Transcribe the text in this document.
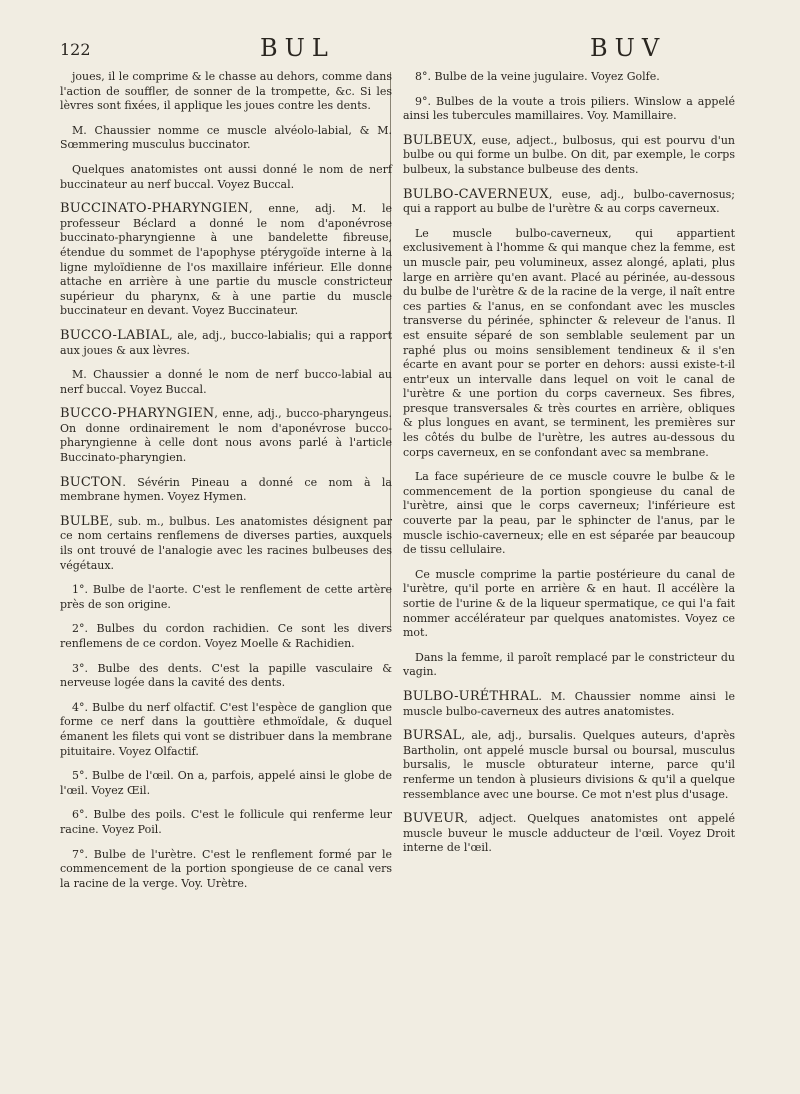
122	BUL	BUV

joues, il le comprime & le chasse au dehors, comme dans l'action de souffler, de sonner de la trompette, &c. Si les lèvres sont fixées, il applique les joues contre les dents.

M. Chaussier nomme ce muscle alvéolo-labial, & M. Sœmmering musculus buccinator.

Quelques anatomistes ont aussi donné le nom de nerf buccinateur au nerf buccal. Voyez Buccal.

BUCCINATO-PHARYNGIEN, enne, adj. M. le professeur Béclard a donné le nom d'aponévrose buccinato-pharyngienne à une bandelette fibreuse, étendue du sommet de l'apophyse ptérygoïde interne à la ligne myloïdienne de l'os maxillaire inférieur. Elle donne attache en arrière à une partie du muscle constricteur supérieur du pharynx, & à une partie du muscle buccinateur en devant. Voyez Buccinateur.

BUCCO-LABIAL, ale, adj., bucco-labialis; qui a rapport aux joues & aux lèvres.

M. Chaussier a donné le nom de nerf bucco-labial au nerf buccal. Voyez Buccal.

BUCCO-PHARYNGIEN, enne, adj., bucco-pharyngeus. On donne ordinairement le nom d'aponévrose bucco-pharyngienne à celle dont nous avons parlé à l'article Buccinato-pharyngien.

BUCTON. Sévérin Pineau a donné ce nom à la membrane hymen. Voyez Hymen.

BULBE, sub. m., bulbus. Les anatomistes désignent par ce nom certains renflemens de diverses parties, auxquels ils ont trouvé de l'analogie avec les racines bulbeuses des végétaux.

1°. Bulbe de l'aorte. C'est le renflement de cette artère près de son origine.

2°. Bulbes du cordon rachidien. Ce sont les divers renflemens de ce cordon. Voyez Moelle & Rachidien.

3°. Bulbe des dents. C'est la papille vasculaire & nerveuse logée dans la cavité des dents.

4°. Bulbe du nerf olfactif. C'est l'espèce de ganglion que forme ce nerf dans la gouttière ethmoïdale, & duquel émanent les filets qui vont se distribuer dans la membrane pituitaire. Voyez Olfactif.

5°. Bulbe de l'œil. On a, parfois, appelé ainsi le globe de l'œil. Voyez Œil.

6°. Bulbe des poils. C'est le follicule qui renferme leur racine. Voyez Poil.

7°. Bulbe de l'urètre. C'est le renflement formé par le commencement de la portion spongieuse de ce canal vers la racine de la verge. Voy. Urètre.

8°. Bulbe de la veine jugulaire. Voyez Golfe.

9°. Bulbes de la voute a trois piliers. Winslow a appelé ainsi les tubercules mamillaires. Voy. Mamillaire.

BULBEUX, euse, adject., bulbosus, qui est pourvu d'un bulbe ou qui forme un bulbe. On dit, par exemple, le corps bulbeux, la substance bulbeuse des dents.

BULBO-CAVERNEUX, euse, adj., bulbo-cavernosus; qui a rapport au bulbe de l'urètre & au corps caverneux.

Le muscle bulbo-caverneux, qui appartient exclusivement à l'homme & qui manque chez la femme, est un muscle pair, peu volumineux, assez alongé, aplati, plus large en arrière qu'en avant. Placé au périnée, au-dessous du bulbe de l'urètre & de la racine de la verge, il naît entre ces parties & l'anus, en se confondant avec les muscles transverse du périnée, sphincter & releveur de l'anus. Il est ensuite séparé de son semblable seulement par un raphé plus ou moins sensiblement tendineux & il s'en écarte en avant pour se porter en dehors: aussi existe-t-il entr'eux un intervalle dans lequel on voit le canal de l'urètre & une portion du corps caverneux. Ses fibres, presque transversales & très courtes en arrière, obliques & plus longues en avant, se terminent, les premières sur les côtés du bulbe de l'urètre, les autres au-dessous du corps caverneux, en se confondant avec sa membrane.

La face supérieure de ce muscle couvre le bulbe & le commencement de la portion spongieuse du canal de l'urètre, ainsi que le corps caverneux; l'inférieure est couverte par la peau, par le sphincter de l'anus, par le muscle ischio-caverneux; elle en est séparée par beaucoup de tissu cellulaire.

Ce muscle comprime la partie postérieure du canal de l'urètre, qu'il porte en arrière & en haut. Il accélère la sortie de l'urine & de la liqueur spermatique, ce qui l'a fait nommer accélérateur par quelques anatomistes. Voyez ce mot.

Dans la femme, il paroît remplacé par le constricteur du vagin.

BULBO-URÉTHRAL. M. Chaussier nomme ainsi le muscle bulbo-caverneux des autres anatomistes.

BURSAL, ale, adj., bursalis. Quelques auteurs, d'après Bartholin, ont appelé muscle bursal ou boursal, musculus bursalis, le muscle obturateur interne, parce qu'il renferme un tendon à plusieurs divisions & qu'il a quelque ressemblance avec une bourse. Ce mot n'est plus d'usage.

BUVEUR, adject. Quelques anatomistes ont appelé muscle buveur le muscle adducteur de l'œil. Voyez Droit interne de l'œil.
